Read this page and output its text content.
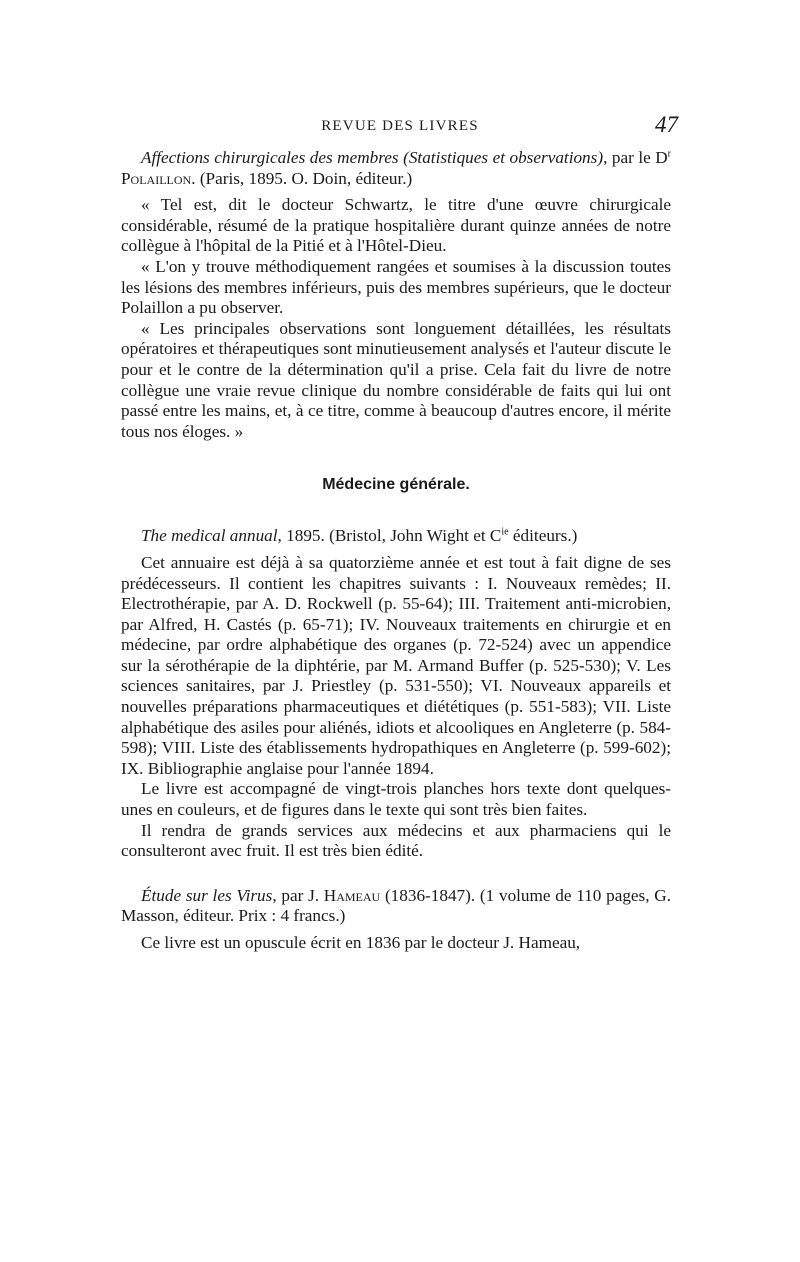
REVUE DES LIVRES	47

Affections chirurgicales des membres (Statistiques et observations), par le $D^r$ Polaillon. (Paris, 1895. O. Doin, éditeur.)

« Tel est, dit le docteur Schwartz, le titre d'une œuvre chirurgicale considérable, résumé de la pratique hospitalière durant quinze années de notre collègue à l'hôpital de la Pitié et à l'Hôtel-Dieu.

« L'on y trouve méthodiquement rangées et soumises à la discussion toutes les lésions des membres inférieurs, puis des membres supérieurs, que le docteur Polaillon a pu observer.

« Les principales observations sont longuement détaillées, les résultats opératoires et thérapeutiques sont minutieusement analysés et l'auteur discute le pour et le contre de la détermination qu'il a prise. Cela fait du livre de notre collègue une vraie revue clinique du nombre considérable de faits qui lui ont passé entre les mains, et, à ce titre, comme à beaucoup d'autres encore, il mérite tous nos éloges. »

Médecine générale.

The medical annual, 1895. (Bristol, John Wight et $C^{ie}$ éditeurs.)

Cet annuaire est déjà à sa quatorzième année et est tout à fait digne de ses prédécesseurs. Il contient les chapitres suivants : I. Nouveaux remèdes; II. Electrothérapie, par A. D. Rockwell (p. 55-64); III. Traitement anti-microbien, par Alfred, H. Castés (p. 65-71); IV. Nouveaux traitements en chirurgie et en médecine, par ordre alphabétique des organes (p. 72-524) avec un appendice sur la sérothérapie de la diphtérie, par M. Armand Buffer (p. 525-530); V. Les sciences sanitaires, par J. Priestley (p. 531-550); VI. Nouveaux appareils et nouvelles préparations pharmaceutiques et diététiques (p. 551-583); VII. Liste alphabétique des asiles pour aliénés, idiots et alcooliques en Angleterre (p. 584-598); VIII. Liste des établissements hydropathiques en Angleterre (p. 599-602); IX. Bibliographie anglaise pour l'année 1894.

Le livre est accompagné de vingt-trois planches hors texte dont quelques-unes en couleurs, et de figures dans le texte qui sont très bien faites.

Il rendra de grands services aux médecins et aux pharmaciens qui le consulteront avec fruit. Il est très bien édité.

Étude sur les Virus, par J. Hameau (1836-1847). (1 volume de 110 pages, G. Masson, éditeur. Prix : 4 francs.)

Ce livre est un opuscule écrit en 1836 par le docteur J. Hameau,
